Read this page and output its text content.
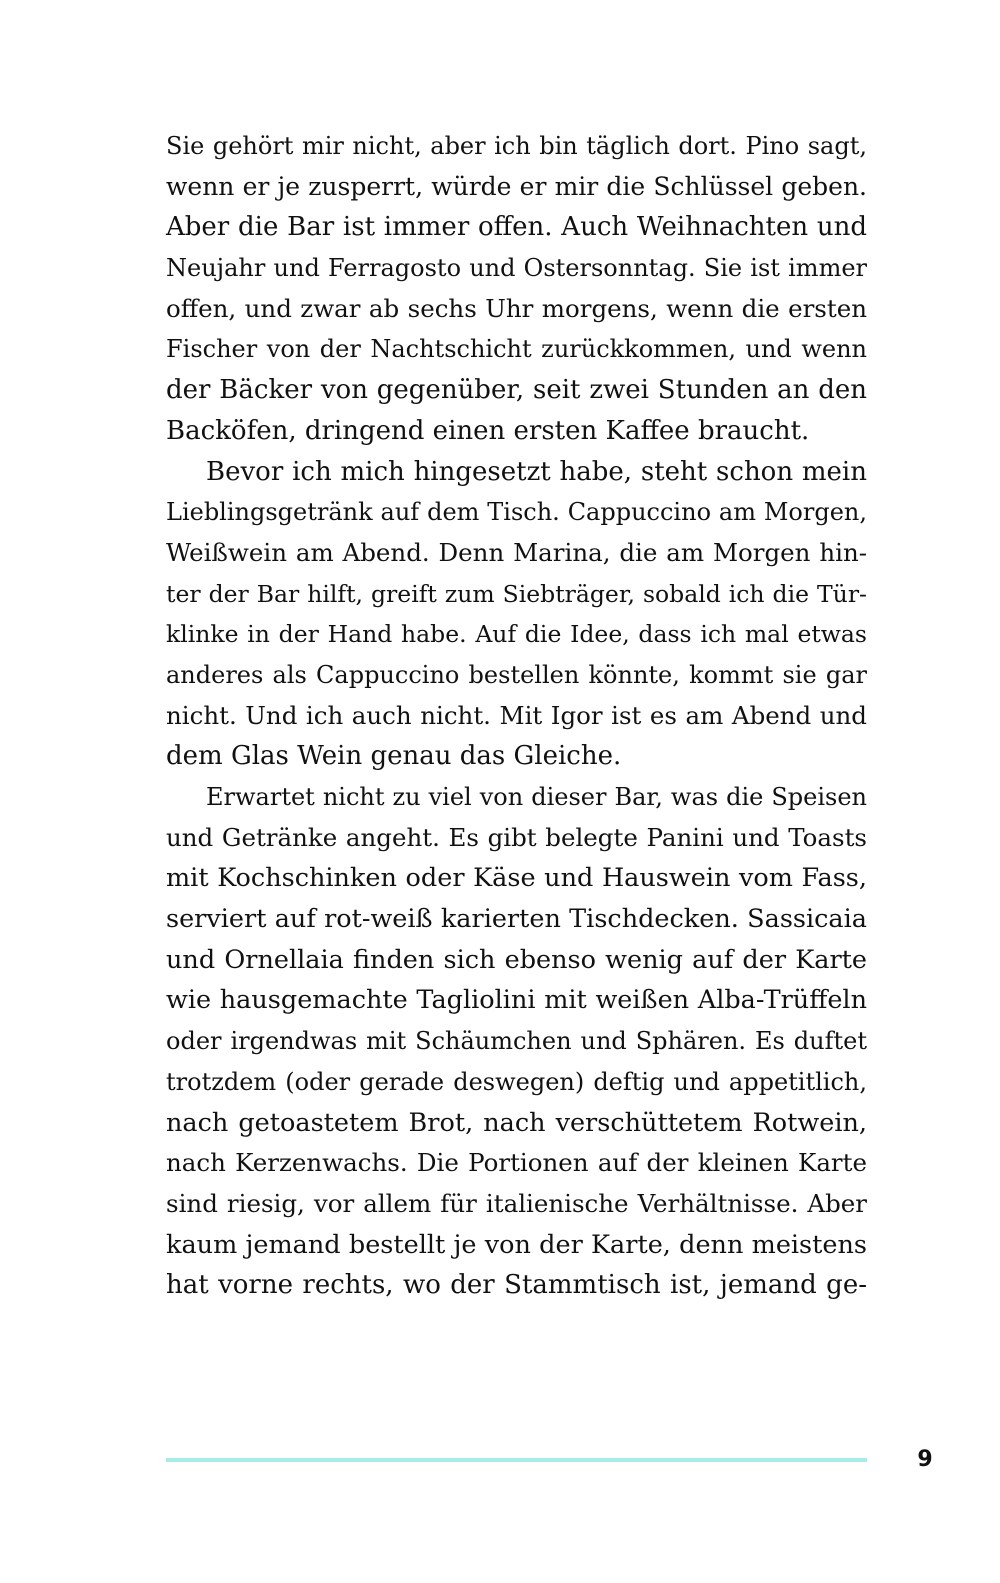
Sie gehört mir nicht, aber ich bin täglich dort. Pino sagt,
wenn er je zusperrt, würde er mir die Schlüssel geben.
Aber die Bar ist immer offen. Auch Weihnachten und
Neujahr und Ferragosto und Ostersonntag. Sie ist immer
offen, und zwar ab sechs Uhr morgens, wenn die ersten
Fischer von der Nachtschicht zurückkommen, und wenn
der Bäcker von gegenüber, seit zwei Stunden an den
Backöfen, dringend einen ersten Kaffee braucht.
Bevor ich mich hingesetzt habe, steht schon mein
Lieblingsgetränk auf dem Tisch. Cappuccino am Morgen,
Weißwein am Abend. Denn Marina, die am Morgen hin-
ter der Bar hilft, greift zum Siebträger, sobald ich die Tür-
klinke in der Hand habe. Auf die Idee, dass ich mal etwas
anderes als Cappuccino bestellen könnte, kommt sie gar
nicht. Und ich auch nicht. Mit Igor ist es am Abend und
dem Glas Wein genau das Gleiche.
Erwartet nicht zu viel von dieser Bar, was die Speisen
und Getränke angeht. Es gibt belegte Panini und Toasts
mit Kochschinken oder Käse und Hauswein vom Fass,
serviert auf rot-weiß karierten Tischdecken. Sassicaia
und Ornellaia finden sich ebenso wenig auf der Karte
wie hausgemachte Tagliolini mit weißen Alba-Trüffeln
oder irgendwas mit Schäumchen und Sphären. Es duftet
trotzdem (oder gerade deswegen) deftig und appetitlich,
nach getoastetem Brot, nach verschüttetem Rotwein,
nach Kerzenwachs. Die Portionen auf der kleinen Karte
sind riesig, vor allem für italienische Verhältnisse. Aber
kaum jemand bestellt je von der Karte, denn meistens
hat vorne rechts, wo der Stammtisch ist, jemand ge-
9
